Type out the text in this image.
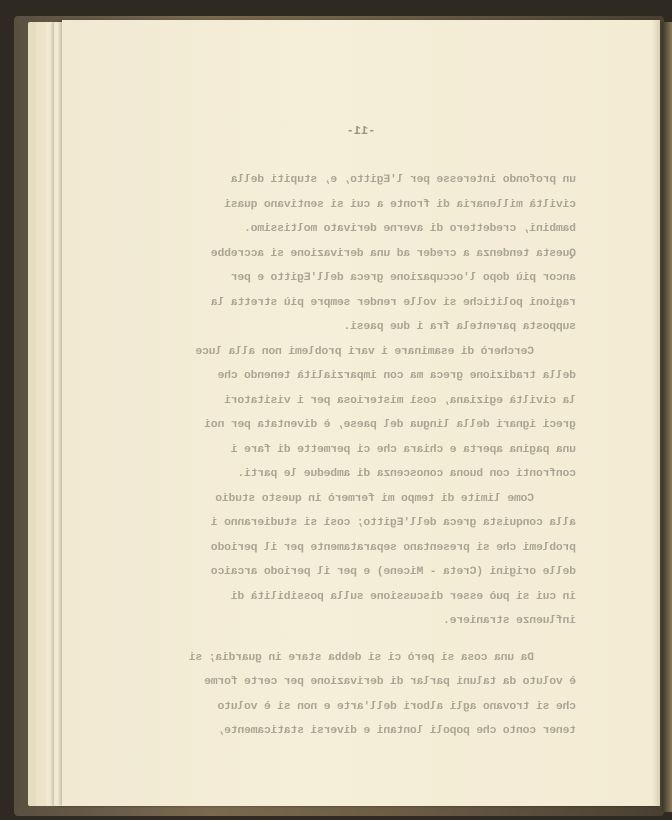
-11-
un profondo interesse per l'Egitto, e, stupiti della
civiltà millenaria di fronte a cui si sentivano quasi
bambini, credettero di averne derivato moltissimo.
Questa tendenza a creder ad una derivazione si accrebbe
ancor più dopo l'occupazione greca dell'Egitto e per
ragioni politiche si volle render sempre più stretta la
supposta parentela fra i due paesi.
Cercherò di esaminare i vari problemi non alla luce
della tradizione greca ma con imparzialità tenendo che
la civiltà egiziana, così misteriosa per i visitatori
greci ignari della lingua del paese, è diventata per noi
una pagina aperta e chiara che ci permette di fare i
confronti con buona conoscenza di ambedue le parti.
Come limite di tempo mi fermerò in questo studio
alla conquista greca dell'Egitto; così si studieranno i
problemi che si presentano separatamente per il periodo
delle origini (Creta - Micene) e per il periodo arcaico
in cui si può esser discussione sulla possibilità di
influenze straniere.
Da una cosa si però ci si debba stare in guardia; si
è voluto da taluni parlar di derivazione per certe forme
che si trovano agli albori dell'arte e non si è voluto
tener conto che popoli lontani e diversi staticamente,
